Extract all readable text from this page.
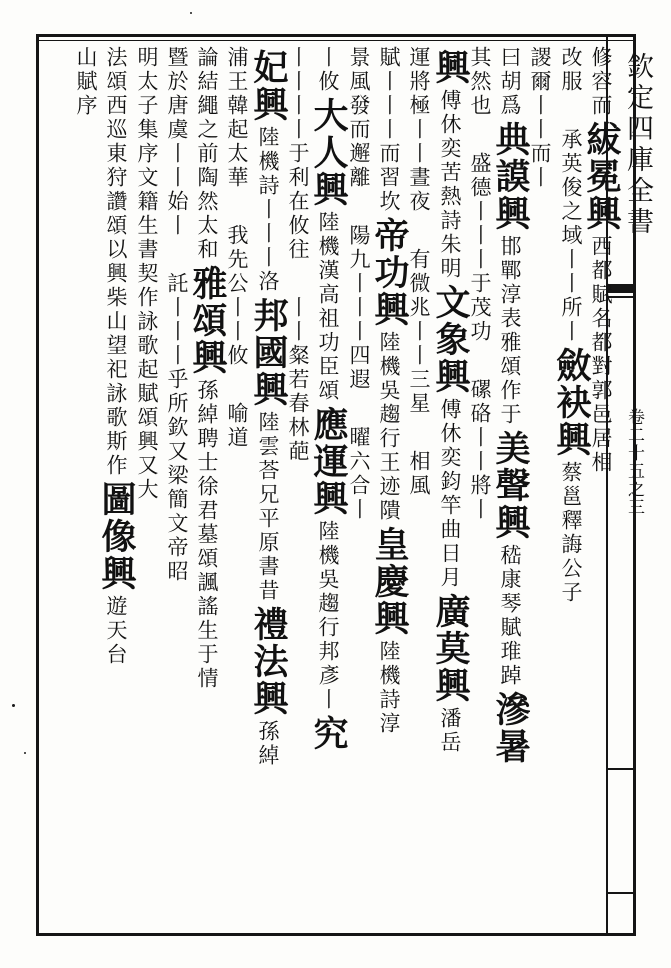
欽定四庫全書
卷二十五之三
修容而
紱冕興
西都賦名都對郭邑居相
改服
承英俊之域丨丨所丨
斂袂興
蔡邕釋誨公子
謖爾丨丨而丨
曰胡爲
典謨興
邯鄲淳表雅頌作于
美聲興
嵇康琴賦琟踔
滲暑
其然也
盛德丨丨丨于茂功
磥硌丨丨將丨
興
傅休奕苦熱詩朱明
文象興
傅休奕鈞竿曲日月
廣莫興
潘岳
運將極丨丨晝夜
有微兆丨丨三星
相風
賦丨丨丨而習坎
帝功興
陸機吳趨行王迹隤
皇慶興
陸機詩淳
景風發而邂離
陽九丨丨丨四遐
曜六合丨
丨攸
大人興
陸機漢高祖功臣頌
應運興
陸機吳趨行邦彥丨
究
丨丨丨丨于利在攸往
丨丨粲若春林葩
妃興
陸機詩丨丨丨洛
邦國興
陸雲荅兄平原書昔
禮法興
孫綽
浦王韓起太華
我先公丨丨攸
喻道
論結繩之前陶然太和
雅頌興
孫綽聘士徐君墓頌諷謠生于情
暨於唐虞丨丨始丨
託丨丨丨乎所欽又梁簡文帝昭
明太子集序文籍生書契作詠歌起賦頌興又大
法頌西巡東狩讚頌以興柴山望祀詠歌斯作
圖像興
遊天台
山賦序
